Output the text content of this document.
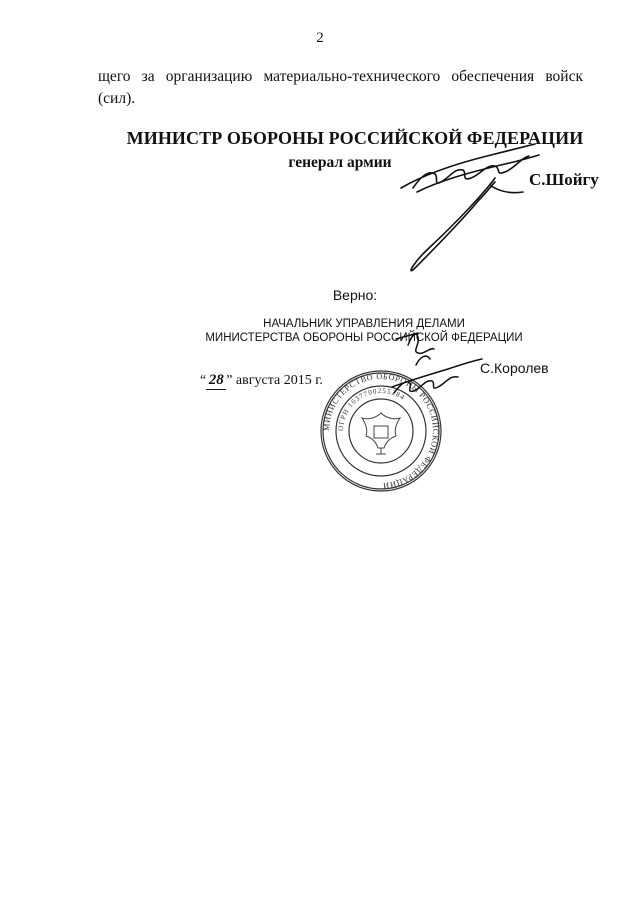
2
щего за организацию материально-технического обеспечения войск
(сил).
МИНИСТР ОБОРОНЫ РОССИЙСКОЙ ФЕДЕРАЦИИ
генерал армии
С.Шойгу
Верно:
НАЧАЛЬНИК УПРАВЛЕНИЯ ДЕЛАМИ
МИНИСТЕРСТВА ОБОРОНЫ РОССИЙСКОЙ ФЕДЕРАЦИИ
МИНИСТЕРСТВО ОБОРОНЫ РОССИЙСКОЙ ФЕДЕРАЦИИ
ОГРН 1037700255284
“ 28 ” августа 2015 г.
С.Королев
